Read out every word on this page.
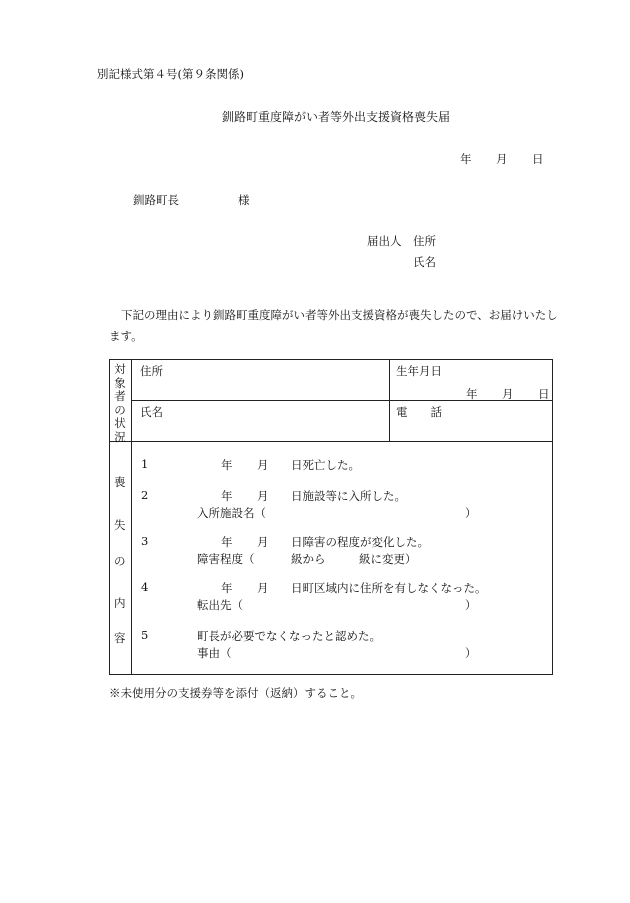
別記様式第４号(第９条関係)
釧路町重度障がい者等外出支援資格喪失届
年 月 日
釧路町長	様
届出人 住所
氏名
下記の理由により釧路町重度障がい者等外出支援資格が喪失したので、お届けいたし
ます。
対
象
者
の
状
況
住所	生年月日
年 月 日
氏名	電　　話
喪
失
の
内
容
1	年 月 日死亡した。
2	年 月 日施設等に入所した。
入所施設名（	）
3	年 月 日障害の程度が変化した。
障害程度（	級から	級に変更）
4	年 月 日町区域内に住所を有しなくなった。
転出先（	）
5	町長が必要でなくなったと認めた。
事由（	）
※未使用分の支援券等を添付（返納）すること。
